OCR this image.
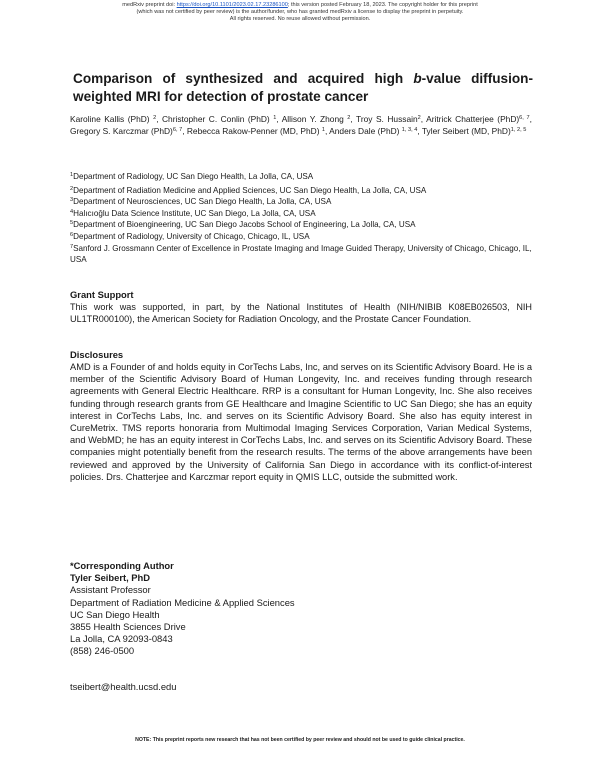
medRxiv preprint doi: https://doi.org/10.1101/2023.02.17.23286100; this version posted February 18, 2023. The copyright holder for this preprint
(which was not certified by peer review) is the author/funder, who has granted medRxiv a license to display the preprint in perpetuity.
All rights reserved. No reuse allowed without permission.
Comparison of synthesized and acquired high b-value diffusion-weighted MRI for detection of prostate cancer
Karoline Kallis (PhD) $^2$, Christopher C. Conlin (PhD) $^1$, Allison Y. Zhong $^2$, Troy S. Hussain$^2$, Aritrick Chatterjee (PhD)$^{6, 7}$, Gregory S. Karczmar (PhD)$^{6, 7}$, Rebecca Rakow-Penner (MD, PhD) $^1$, Anders Dale (PhD) $^{1, 3, 4}$, Tyler Seibert (MD, PhD)$^{1, 2, 5}$
$^1$Department of Radiology, UC San Diego Health, La Jolla, CA, USA
$^2$Department of Radiation Medicine and Applied Sciences, UC San Diego Health, La Jolla, CA, USA
$^3$Department of Neurosciences, UC San Diego Health, La Jolla, CA, USA
$^4$Halıcıoğlu Data Science Institute, UC San Diego, La Jolla, CA, USA
$^5$Department of Bioengineering, UC San Diego Jacobs School of Engineering, La Jolla, CA, USA
$^6$Department of Radiology, University of Chicago, Chicago, IL, USA
$^7$Sanford J. Grossmann Center of Excellence in Prostate Imaging and Image Guided Therapy, University of Chicago, Chicago, IL, USA
Grant Support

This work was supported, in part, by the National Institutes of Health (NIH/NIBIB K08EB026503, NIH UL1TR000100), the American Society for Radiation Oncology, and the Prostate Cancer Foundation.

Disclosures

AMD is a Founder of and holds equity in CorTechs Labs, Inc, and serves on its Scientific Advisory Board. He is a member of the Scientific Advisory Board of Human Longevity, Inc. and receives funding through research agreements with General Electric Healthcare. RRP is a consultant for Human Longevity, Inc. She also receives funding through research grants from GE Healthcare and Imagine Scientific to UC San Diego; she has an equity interest in CorTechs Labs, Inc. and serves on its Scientific Advisory Board. She also has equity interest in CureMetrix. TMS reports honoraria from Multimodal Imaging Services Corporation, Varian Medical Systems, and WebMD; he has an equity interest in CorTechs Labs, Inc. and serves on its Scientific Advisory Board. These companies might potentially benefit from the research results. The terms of the above arrangements have been reviewed and approved by the University of California San Diego in accordance with its conflict-of-interest policies. Drs. Chatterjee and Karczmar report equity in QMIS LLC, outside the submitted work.

*Corresponding Author
Tyler Seibert, PhD
Assistant Professor
Department of Radiation Medicine & Applied Sciences
UC San Diego Health
3855 Health Sciences Drive
La Jolla, CA 92093-0843
(858) 246-0500
tseibert@health.ucsd.edu
NOTE: This preprint reports new research that has not been certified by peer review and should not be used to guide clinical practice.
